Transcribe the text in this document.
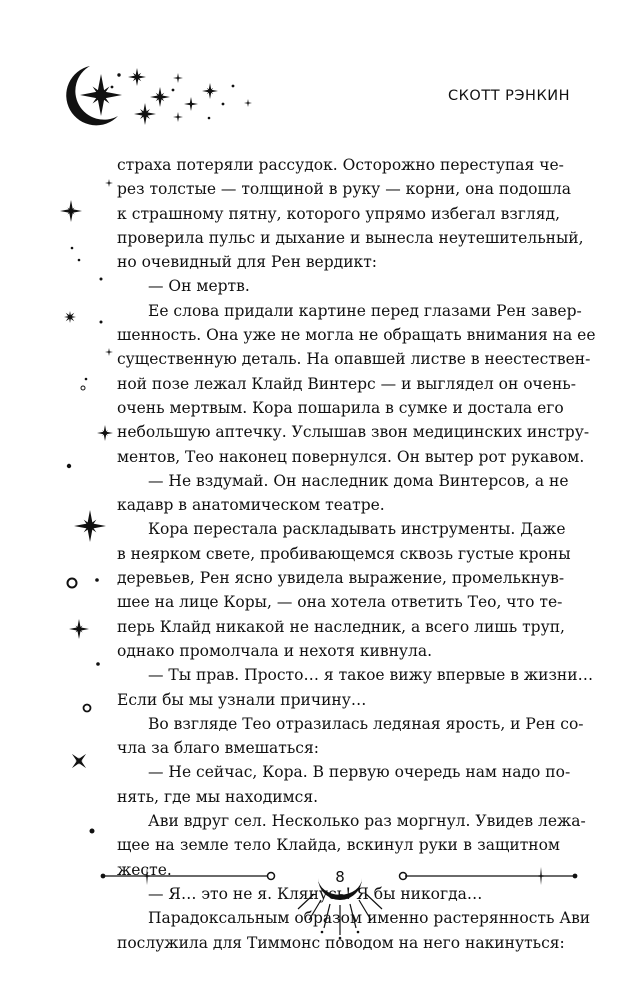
СКОТТ РЭНКИН
страха потеряли рассудок. Осторожно переступая че-
рез толстые — толщиной в руку — корни, она подошла
к страшному пятну, которого упрямо избегал взгляд,
проверила пульс и дыхание и вынесла неутешительный,
но очевидный для Рен вердикт:
— Он мертв.
Ее слова придали картине перед глазами Рен завер-
шенность. Она уже не могла не обращать внимания на ее
существенную деталь. На опавшей листве в неестествен-
ной позе лежал Клайд Винтерс — и выглядел он очень-
очень мертвым. Кора пошарила в сумке и достала его
небольшую аптечку. Услышав звон медицинских инстру-
ментов, Тео наконец повернулся. Он вытер рот рукавом.
— Не вздумай. Он наследник дома Винтерсов, а не
кадавр в анатомическом театре.
Кора перестала раскладывать инструменты. Даже
в неярком свете, пробивающемся сквозь густые кроны
деревьев, Рен ясно увидела выражение, промелькнув-
шее на лице Коры, — она хотела ответить Тео, что те-
перь Клайд никакой не наследник, а всего лишь труп,
однако промолчала и нехотя кивнула.
— Ты прав. Просто… я такое вижу впервые в жизни…
Если бы мы узнали причину…
Во взгляде Тео отразилась ледяная ярость, и Рен со-
чла за благо вмешаться:
— Не сейчас, Кора. В первую очередь нам надо по-
нять, где мы находимся.
Ави вдруг сел. Несколько раз моргнул. Увидев лежа-
щее на земле тело Клайда, вскинул руки в защитном
жесте.
— Я… это не я. Клянусь! Я бы никогда…
Парадоксальным образом именно растерянность Ави
послужила для Тиммонс поводом на него накинуться:
8
